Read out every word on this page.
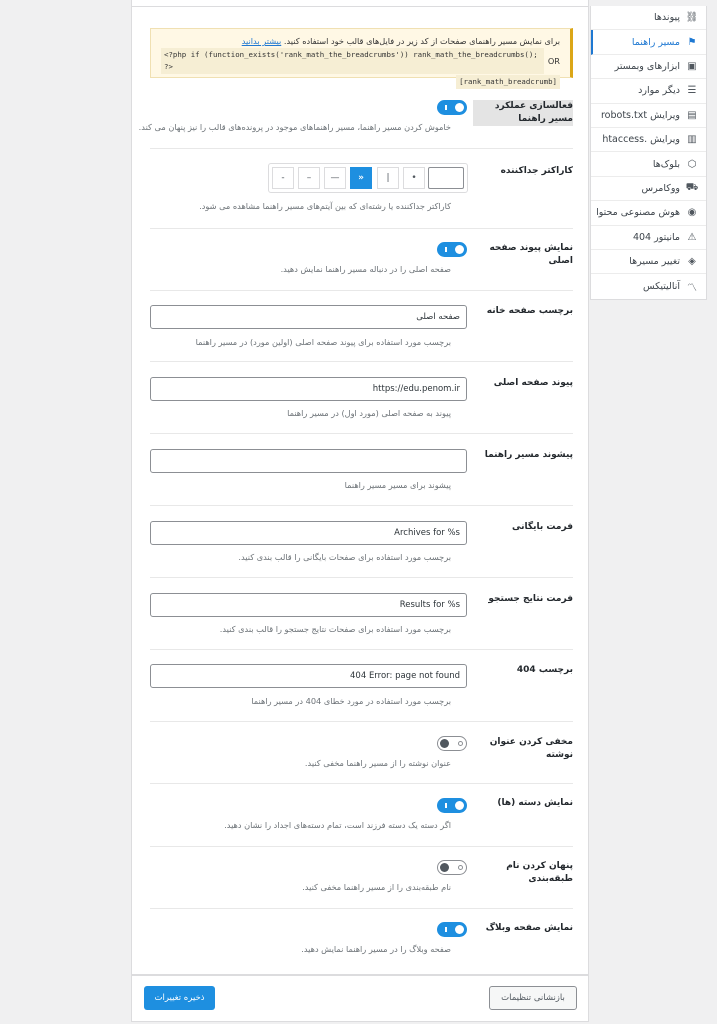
پیوندها ⛓
مسیر راهنما ⚑
ابزارهای وبمستر ▣
دیگر موارد ☰
ویرایش robots.txt ▤
ویرایش .htaccess ▥
بلوک‌ها ⬡
ووکامرس ⛟
هوش مصنوعی محتوا ◉
مانیتور 404 ⚠
تغییر مسیرها ◈
آنالیتیکس 〽
برای نمایش مسیر راهنمای صفحات از کد زیر در فایل‌های قالب خود استفاده کنید. بیشتر بدانید
<?php if (function_exists('rank_math_the_breadcrumbs')) rank_math_the_breadcrumbs(); ?>
OR
[rank_math_breadcrumb]
فعالسازی عملکرد مسیر راهنما
خاموش کردن مسیر راهنما، مسیر راهنماهای موجود در پرونده‌های قالب را نیز پنهان می کند.
کاراکتر جداکننده
•
|
»
—
–
-
کاراکتر جداکننده یا رشته‌ای که بین آیتم‌های مسیر راهنما مشاهده می شود.
نمایش پیوند صفحه اصلی
صفحه اصلی را در دنباله مسیر راهنما نمایش دهید.
برچسب صفحه خانه
صفحه اصلی
برچسب مورد استفاده برای پیوند صفحه اصلی (اولین مورد) در مسیر راهنما
پیوند صفحه اصلی
https://edu.penom.ir
پیوند به صفحه اصلی (مورد اول) در مسیر راهنما
پیشوند مسیر راهنما
پیشوند برای مسیر مسیر راهنما
فرمت بایگانی
Archives for %s
برچسب مورد استفاده برای صفحات بایگانی را قالب بندی کنید.
فرمت نتایج جستجو
Results for %s
برچسب مورد استفاده برای صفحات نتایج جستجو را قالب بندی کنید.
برچسب 404
404 Error: page not found
برچسب مورد استفاده در مورد خطای 404 در مسیر راهنما
مخفی کردن عنوان نوشته
عنوان نوشته را از مسیر راهنما مخفی کنید.
نمایش دسته (ها)
اگر دسته یک دسته فرزند است، تمام دسته‌های اجداد را نشان دهید.
پنهان کردن نام طبقه‌بندی
نام طبقه‌بندی را از مسیر راهنما مخفی کنید.
نمایش صفحه وبلاگ
صفحه وبلاگ را در مسیر راهنما نمایش دهید.
ذخیره تغییرات	بازنشانی تنظیمات
